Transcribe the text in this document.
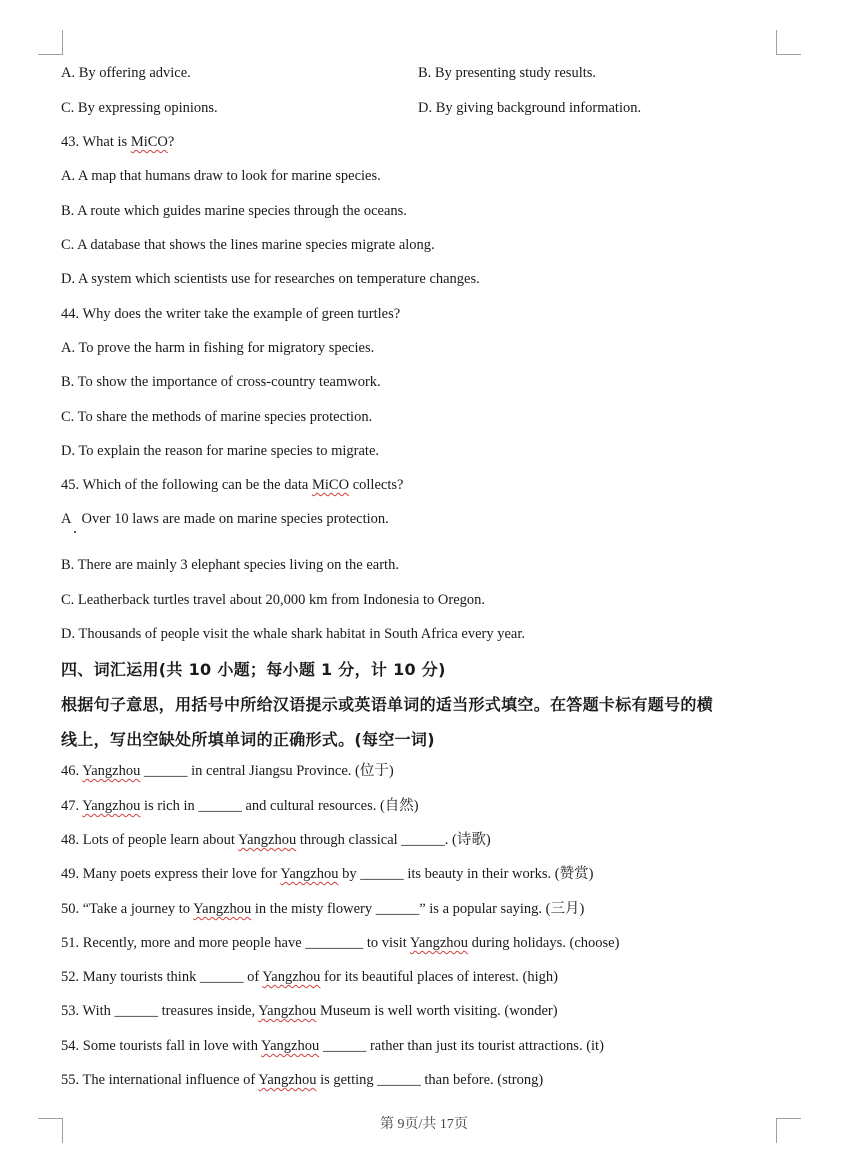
A. By offering advice.	B. By presenting study results.
C. By expressing opinions.	D. By giving background information.
43. What is MiCO?
A. A map that humans draw to look for marine species.
B. A route which guides marine species through the oceans.
C. A database that shows the lines marine species migrate along.
D. A system which scientists use for researches on temperature changes.
44. Why does the writer take the example of green turtles?
A. To prove the harm in fishing for migratory species.
B. To show the importance of cross-country teamwork.
C. To share the methods of marine species protection.
D. To explain the reason for marine species to migrate.
45. Which of the following can be the data MiCO collects?
A   Over 10 laws are made on marine species protection.
B. There are mainly 3 elephant species living on the earth.
C. Leatherback turtles travel about 20,000 km from Indonesia to Oregon.
D. Thousands of people visit the whale shark habitat in South Africa every year.
四、词汇运用(共 10 小题；每小题 1 分，计 10 分)
根据句子意思，用括号中所给汉语提示或英语单词的适当形式填空。在答题卡标有题号的横
线上，写出空缺处所填单词的正确形式。(每空一词)
46. Yangzhou ______ in central Jiangsu Province. (位于)
47. Yangzhou is rich in ______ and cultural resources. (自然)
48. Lots of people learn about Yangzhou through classical ______. (诗歌)
49. Many poets express their love for Yangzhou by ______ its beauty in their works. (赞赏)
50. “Take a journey to Yangzhou in the misty flowery ______” is a popular saying. (三月)
51. Recently, more and more people have ________ to visit Yangzhou during holidays. (choose)
52. Many tourists think ______ of Yangzhou for its beautiful places of interest. (high)
53. With ______ treasures inside, Yangzhou Museum is well worth visiting. (wonder)
54. Some tourists fall in love with Yangzhou ______ rather than just its tourist attractions. (it)
55. The international influence of Yangzhou is getting ______ than before. (strong)
第 9页/共 17页
